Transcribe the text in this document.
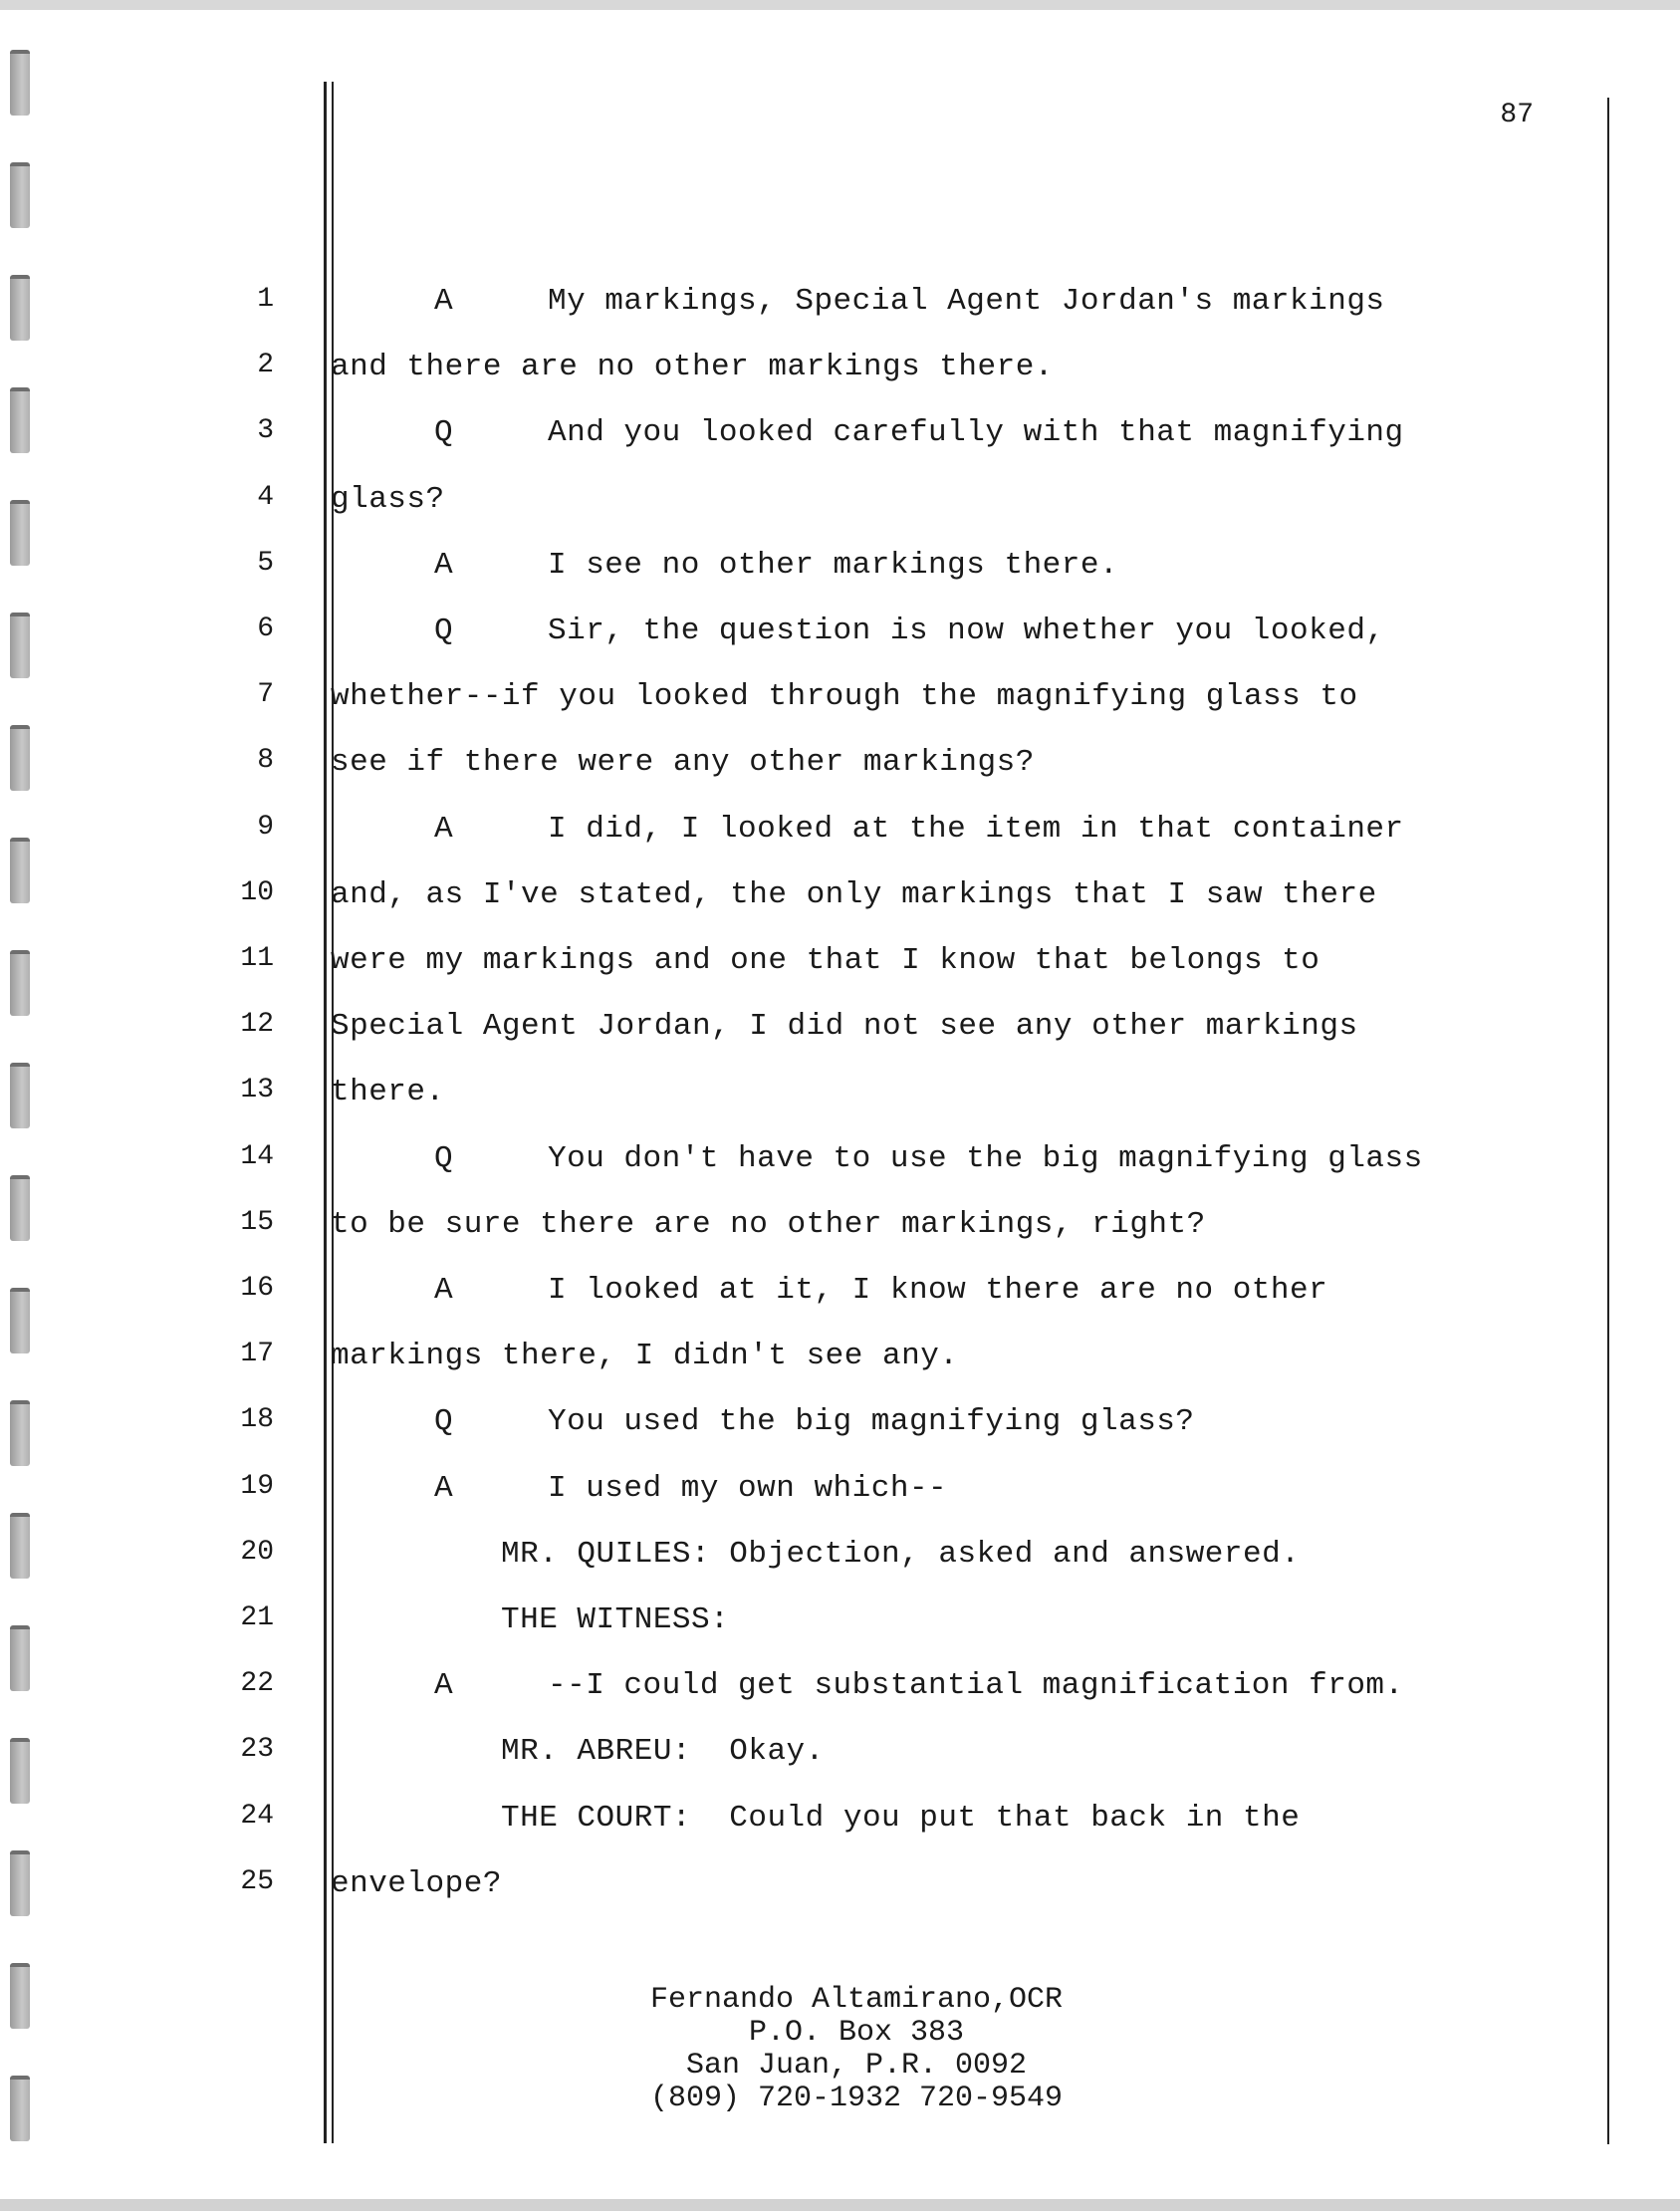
87
1
2
3
4
5
6
7
8
9
10
11
12
13
14
15
16
17
18
19
20
21
22
23
24
25
A	My markings, Special Agent Jordan's markings
and there are no other markings there.
Q	And you looked carefully with that magnifying
glass?
A	I see no other markings there.
Q	Sir, the question is now whether you looked,
whether--if you looked through the magnifying glass to
see if there were any other markings?
A	I did, I looked at the item in that container
and, as I've stated, the only markings that I saw there
were my markings and one that I know that belongs to
Special Agent Jordan, I did not see any other markings
there.
Q	You don't have to use the big magnifying glass
to be sure there are no other markings, right?
A	I looked at it, I know there are no other
markings there, I didn't see any.
Q	You used the big magnifying glass?
A	I used my own which--
MR. QUILES: Objection, asked and answered.
THE WITNESS:
A	--I could get substantial magnification from.
MR. ABREU:  Okay.
THE COURT:  Could you put that back in the
envelope?
Fernando Altamirano,OCR
P.O. Box 383
San Juan, P.R. 0092
(809) 720-1932 720-9549
